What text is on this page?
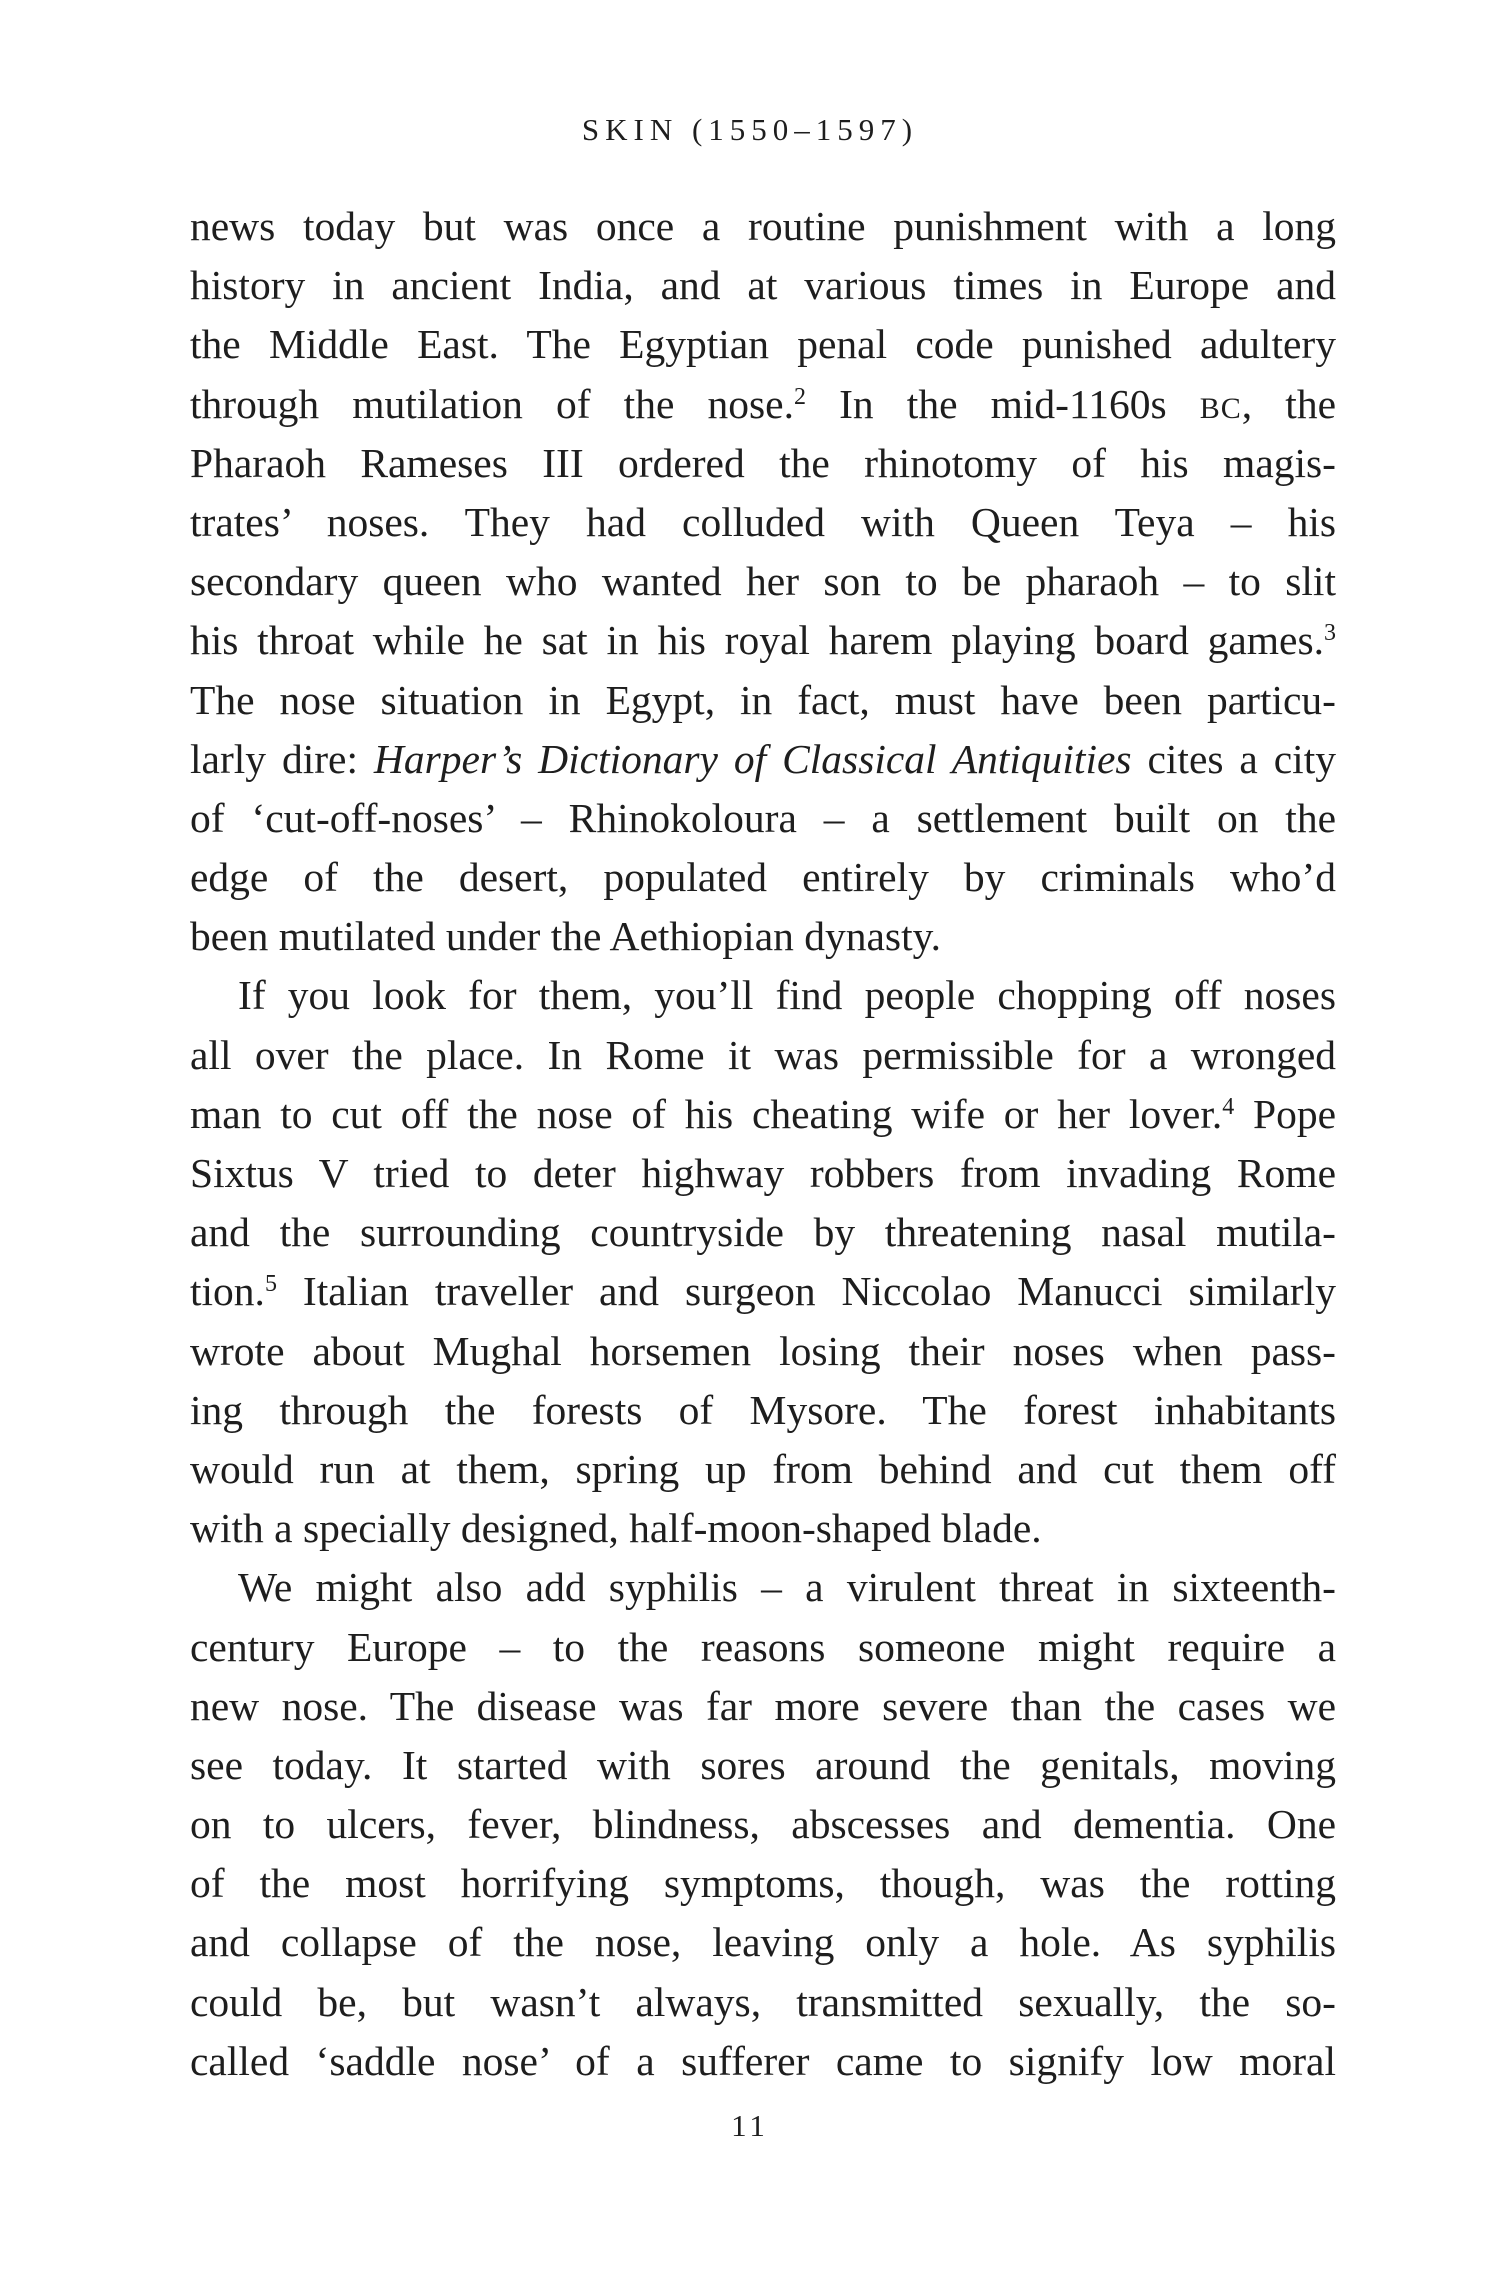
SKIN (1550–1597)
news today but was once a routine punishment with a long
history in ancient India, and at various times in Europe and
the Middle East. The Egyptian penal code punished adultery
through mutilation of the nose.$^2$ In the mid-1160s BC, the
Pharaoh Rameses III ordered the rhinotomy of his magis-
trates’ noses. They had colluded with Queen Teya – his
secondary queen who wanted her son to be pharaoh – to slit
his throat while he sat in his royal harem playing board games.$^3$
The nose situation in Egypt, in fact, must have been particu-
larly dire: Harper’s Dictionary of Classical Antiquities cites a city
of ‘cut-off-noses’ – Rhinokoloura – a settlement built on the
edge of the desert, populated entirely by criminals who’d
been mutilated under the Aethiopian dynasty.
If you look for them, you’ll find people chopping off noses
all over the place. In Rome it was permissible for a wronged
man to cut off the nose of his cheating wife or her lover.$^4$ Pope
Sixtus V tried to deter highway robbers from invading Rome
and the surrounding countryside by threatening nasal mutila-
tion.$^5$ Italian traveller and surgeon Niccolao Manucci similarly
wrote about Mughal horsemen losing their noses when pass-
ing through the forests of Mysore. The forest inhabitants
would run at them, spring up from behind and cut them off
with a specially designed, half-moon-shaped blade.
We might also add syphilis – a virulent threat in sixteenth-
century Europe – to the reasons someone might require a
new nose. The disease was far more severe than the cases we
see today. It started with sores around the genitals, moving
on to ulcers, fever, blindness, abscesses and dementia. One
of the most horrifying symptoms, though, was the rotting
and collapse of the nose, leaving only a hole. As syphilis
could be, but wasn’t always, transmitted sexually, the so-
called ‘saddle nose’ of a sufferer came to signify low moral
11
